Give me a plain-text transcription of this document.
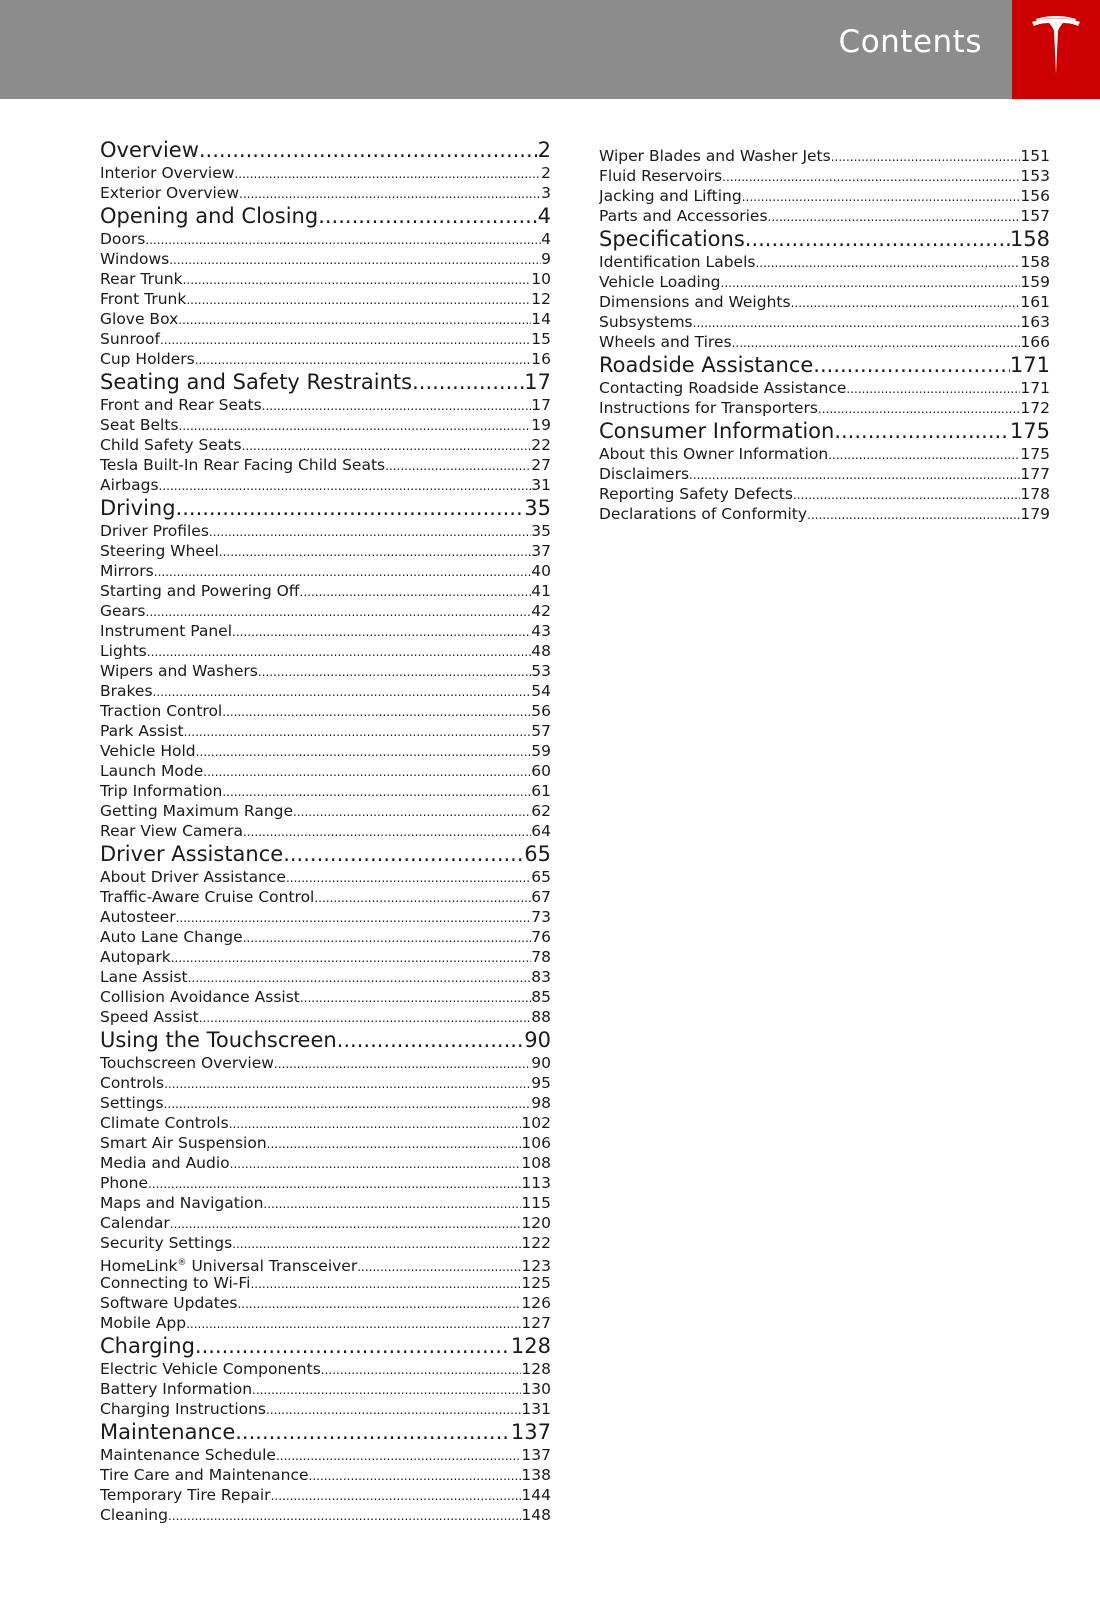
Contents
Overview .....	2
Interior Overview .....	2
Exterior Overview .....	3
Opening and Closing .....	4
Doors .....	4
Windows .....	9
Rear Trunk .....	10
Front Trunk .....	12
Glove Box .....	14
Sunroof .....	15
Cup Holders .....	16
Seating and Safety Restraints .....	17
Front and Rear Seats .....	17
Seat Belts .....	19
Child Safety Seats .....	22
Tesla Built-In Rear Facing Child Seats .....	27
Airbags .....	31
Driving .....	35
Driver Profiles .....	35
Steering Wheel .....	37
Mirrors .....	40
Starting and Powering Off .....	41
Gears .....	42
Instrument Panel .....	43
Lights .....	48
Wipers and Washers .....	53
Brakes .....	54
Traction Control .....	56
Park Assist .....	57
Vehicle Hold .....	59
Launch Mode .....	60
Trip Information .....	61
Getting Maximum Range .....	62
Rear View Camera .....	64
Driver Assistance .....	65
About Driver Assistance .....	65
Traffic-Aware Cruise Control .....	67
Autosteer .....	73
Auto Lane Change .....	76
Autopark .....	78
Lane Assist .....	83
Collision Avoidance Assist .....	85
Speed Assist .....	88
Using the Touchscreen .....	90
Touchscreen Overview .....	90
Controls .....	95
Settings .....	98
Climate Controls .....	102
Smart Air Suspension .....	106
Media and Audio .....	108
Phone .....	113
Maps and Navigation .....	115
Calendar .....	120
Security Settings .....	122
HomeLink® Universal Transceiver .....	123
Connecting to Wi-Fi .....	125
Software Updates .....	126
Mobile App .....	127
Charging .....	128
Electric Vehicle Components .....	128
Battery Information .....	130
Charging Instructions .....	131
Maintenance .....	137
Maintenance Schedule .....	137
Tire Care and Maintenance .....	138
Temporary Tire Repair .....	144
Cleaning .....	148
Wiper Blades and Washer Jets .....	151
Fluid Reservoirs .....	153
Jacking and Lifting .....	156
Parts and Accessories .....	157
Specifications .....	158
Identification Labels .....	158
Vehicle Loading .....	159
Dimensions and Weights .....	161
Subsystems .....	163
Wheels and Tires .....	166
Roadside Assistance .....	171
Contacting Roadside Assistance .....	171
Instructions for Transporters .....	172
Consumer Information .....	175
About this Owner Information .....	175
Disclaimers .....	177
Reporting Safety Defects .....	178
Declarations of Conformity .....	179
